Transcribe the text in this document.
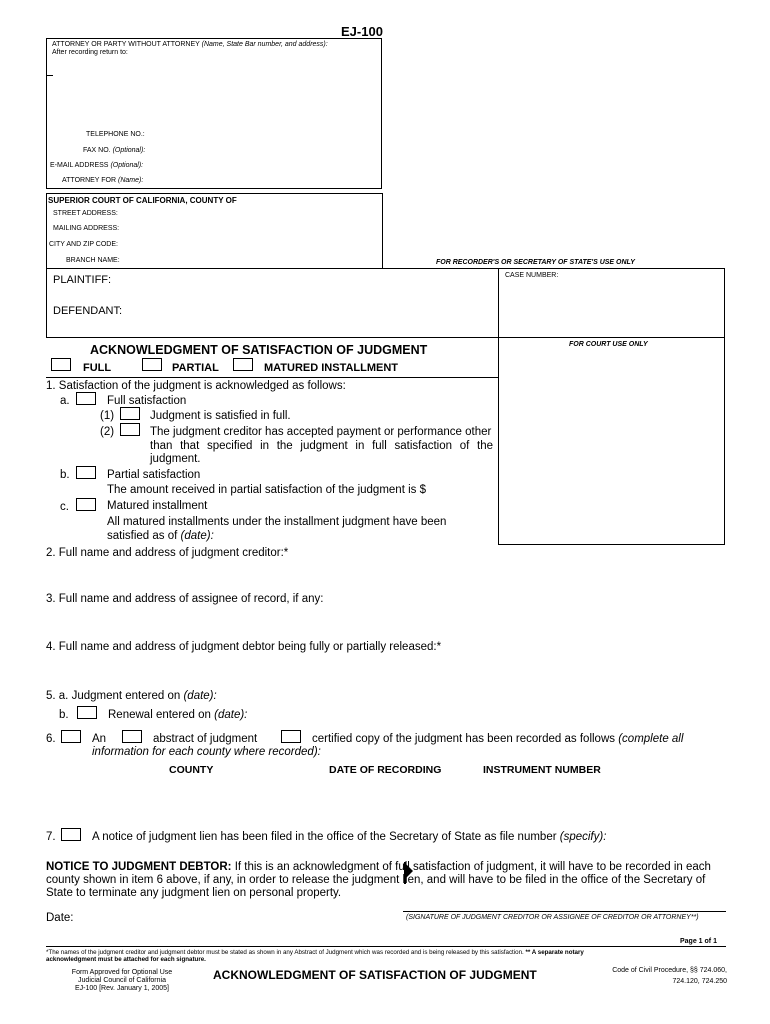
EJ-100
ATTORNEY OR PARTY WITHOUT ATTORNEY (Name, State Bar number, and address):
After recording return to:
TELEPHONE NO.:
FAX NO. (Optional):
E-MAIL ADDRESS (Optional):
ATTORNEY FOR (Name):
SUPERIOR COURT OF CALIFORNIA, COUNTY OF
STREET ADDRESS:
MAILING ADDRESS:
CITY AND ZIP CODE:
BRANCH NAME:	FOR RECORDER'S OR SECRETARY OF STATE'S USE ONLY
PLAINTIFF:	CASE NUMBER:
DEFENDANT:
FOR COURT USE ONLY
ACKNOWLEDGMENT OF SATISFACTION OF JUDGMENT
FULL	PARTIAL	MATURED INSTALLMENT
1. Satisfaction of the judgment is acknowledged as follows:
a.	Full satisfaction
(1)	Judgment is satisfied in full.
(2)	The judgment creditor has accepted payment or performance other
than that specified in the judgment in full satisfaction of the
judgment.
b.	Partial satisfaction
The amount received in partial satisfaction of the judgment is $
c.	Matured installment
All matured installments under the installment judgment have been
satisfied as of (date):
2. Full name and address of judgment creditor:*
3. Full name and address of assignee of record, if any:
4. Full name and address of judgment debtor being fully or partially released:*
5. a. Judgment entered on (date):
b.	Renewal entered on (date):
6.	An	abstract of judgment	certified copy of the judgment has been recorded as follows (complete all
information for each county where recorded):
COUNTY	DATE OF RECORDING	INSTRUMENT NUMBER
7.	A notice of judgment lien has been filed in the office of the Secretary of State as file number (specify):
NOTICE TO JUDGMENT DEBTOR: If this is an acknowledgment of full satisfaction of judgment, it will have to be recorded in each
county shown in item 6 above, if any, in order to release the judgment lien, and will have to be filed in the office of the Secretary of
State to terminate any judgment lien on personal property.
Date:	(SIGNATURE OF JUDGMENT CREDITOR OR ASSIGNEE OF CREDITOR OR ATTORNEY**)
Page 1 of 1
*The names of the judgment creditor and judgment debtor must be stated as shown in any Abstract of Judgment which was recorded and is being released by this satisfaction. ** A separate notary
acknowledgment must be attached for each signature.
Form Approved for Optional Use
Judicial Council of California
EJ-100 [Rev. January 1, 2005]
ACKNOWLEDGMENT OF SATISFACTION OF JUDGMENT	Code of Civil Procedure, §§ 724.060,
724.120, 724.250
